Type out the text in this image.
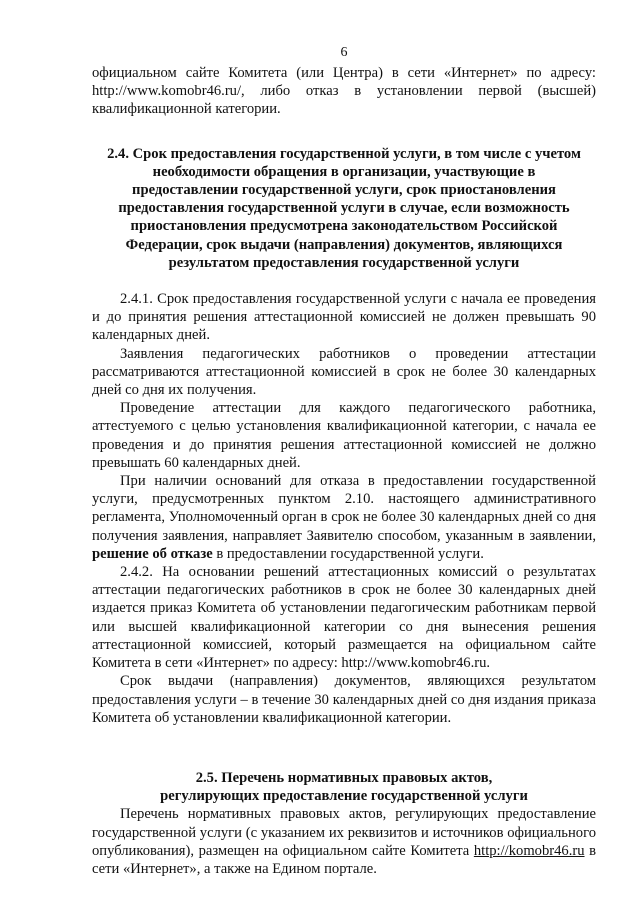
6

официальном сайте Комитета (или Центра) в сети «Интернет» по адресу: http://www.komobr46.ru/, либо отказ в установлении первой (высшей) квалификационной категории.

2.4. Срок предоставления государственной услуги, в том числе с учетом необходимости обращения в организации, участвующие в предоставлении государственной услуги, срок приостановления предоставления государственной услуги в случае, если возможность приостановления предусмотрена законодательством Российской Федерации, срок выдачи (направления) документов, являющихся результатом предоставления государственной услуги

2.4.1. Срок предоставления государственной услуги с начала ее проведения и до принятия решения аттестационной комиссией не должен превышать 90 календарных дней.

Заявления педагогических работников о проведении аттестации рассматриваются аттестационной комиссией в срок не более 30 календарных дней со дня их получения.

Проведение аттестации для каждого педагогического работника, аттестуемого с целью установления квалификационной категории, с начала ее проведения и до принятия решения аттестационной комиссией не должно превышать 60 календарных дней.

При наличии оснований для отказа в предоставлении государственной услуги, предусмотренных пунктом 2.10. настоящего административного регламента, Уполномоченный орган в срок не более 30 календарных дней со дня получения заявления, направляет Заявителю способом, указанным в заявлении, решение об отказе в предоставлении государственной услуги.

2.4.2. На основании решений аттестационных комиссий о результатах аттестации педагогических работников в срок не более 30 календарных дней издается приказ Комитета об установлении педагогическим работникам первой или высшей квалификационной категории со дня вынесения решения аттестационной комиссией, который размещается на официальном сайте Комитета в сети «Интернет» по адресу: http://www.komobr46.ru.

Срок выдачи (направления) документов, являющихся результатом предоставления услуги – в течение 30 календарных дней со дня издания приказа Комитета об установлении квалификационной категории.

2.5. Перечень нормативных правовых актов,
регулирующих предоставление государственной услуги

Перечень нормативных правовых актов, регулирующих предоставление государственной услуги (с указанием их реквизитов и источников официального опубликования), размещен на официальном сайте Комитета http://komobr46.ru в сети «Интернет», а также на Едином портале.
